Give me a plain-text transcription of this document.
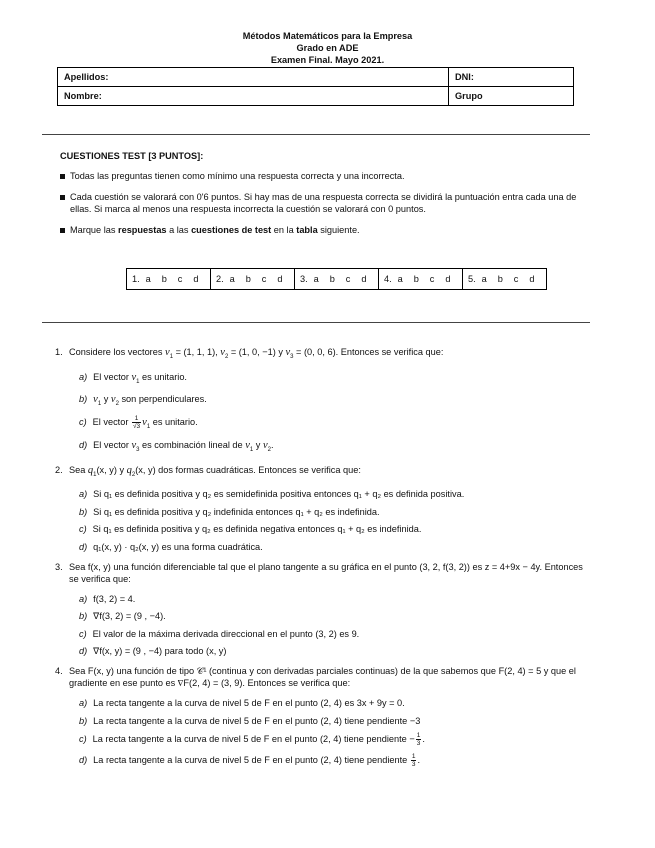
Métodos Matemáticos para la Empresa
Grado en ADE
Examen Final. Mayo 2021.
Apellidos:	DNI:
Nombre:	Grupo
CUESTIONES TEST [3 PUNTOS]:
Todas las preguntas tienen como mínimo una respuesta correcta y una incorrecta.
Cada cuestión se valorará con 0'6 puntos. Si hay mas de una respuesta correcta se dividirá la puntuación entra cada una de ellas. Si marca al menos una respuesta incorrecta la cuestión se valorará con 0 puntos.
Marque las respuestas a las cuestiones de test en la tabla siguiente.
1. a b c d	2. a b c d	3. a b c d	4. a b c d	5. a b c d
1. Considere los vectores $v_1 = (1$, 1, 1), $v_2 = (1$, 0, −1) y $v_3 = (0$, 0, 6). Entonces se verifica que:
a) El vector $v_1$ es unitario.
b) $v_1$ y $v_2$ son perpendiculares.
c) El vector $\frac{1}{√3} v_1$ es unitario.
d) El vector $v_3$ es combinación lineal de $v_1$ y $v_2$.
2. Sea $q_1(x$, y) y $q_2(x$, y) dos formas cuadráticas. Entonces se verifica que:
a) Si q₁ es definida positiva y q₂ es semidefinida positiva entonces q₁ + q₂ es definida positiva.
b) Si q₁ es definida positiva y q₂ indefinida entonces q₁ + q₂ es indefinida.
c) Si q₁ es definida positiva y q₂ es definida negativa entonces q₁ + q₂ es indefinida.
d) q₁(x, y) · q₂(x, y) es una forma cuadrática.
3. Sea f(x, y) una función diferenciable tal que el plano tangente a su gráfica en el punto (3, 2, f(3, 2)) es z = 4+9x − 4y. Entonces se verifica que:
a) f(3, 2) = 4.
b) ∇f(3, 2) = (9 , −4).
c) El valor de la máxima derivada direccional en el punto (3, 2) es 9.
d) ∇f(x, y) = (9 , −4) para todo (x, y)
4. Sea F(x, y) una función de tipo 𝒞¹ (continua y con derivadas parciales continuas) de la que sabemos que F(2, 4) = 5 y que el gradiente en ese punto es ∇F(2, 4) = (3, 9). Entonces se verifica que:
a) La recta tangente a la curva de nivel 5 de F en el punto (2, 4) es 3x + 9y = 0.
b) La recta tangente a la curva de nivel 5 de F en el punto (2, 4) tiene pendiente −3
c) La recta tangente a la curva de nivel 5 de F en el punto (2, 4) tiene pendiente − $\frac{1}{3}$ .
d) La recta tangente a la curva de nivel 5 de F en el punto (2, 4) tiene pendiente $\frac{1}{3}$ .
